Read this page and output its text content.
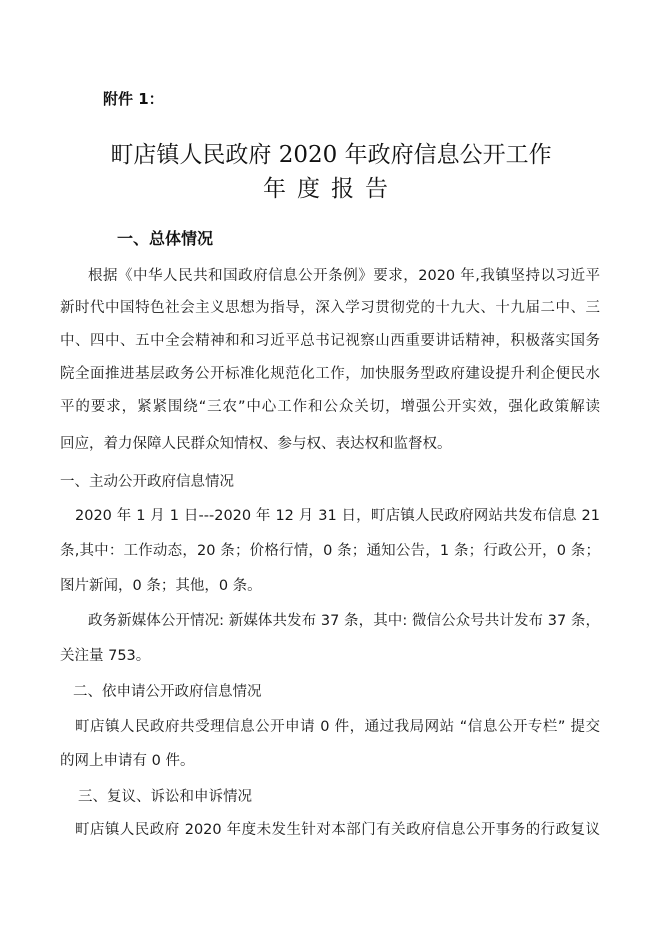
附件 1：
町店镇人民政府 2020 年政府信息公开工作
年度报告
一、总体情况
根据《中华人民共和国政府信息公开条例》要求，2020 年,我镇坚持以习近平
新时代中国特色社会主义思想为指导，深入学习贯彻党的十九大、十九届二中、三
中、四中、五中全会精神和和习近平总书记视察山西重要讲话精神，积极落实国务
院全面推进基层政务公开标准化规范化工作，加快服务型政府建设提升利企便民水
平的要求，紧紧围绕“三农”中心工作和公众关切，增强公开实效，强化政策解读
回应，着力保障人民群众知情权、参与权、表达权和监督权。
一、主动公开政府信息情况
2020 年 1 月 1 日---2020 年 12 月 31 日，町店镇人民政府网站共发布信息 21
条,其中：工作动态，20 条；价格行情，0 条；通知公告，1 条；行政公开，0 条；
图片新闻，0 条；其他，0 条。
政务新媒体公开情况: 新媒体共发布 37 条，其中: 微信公众号共计发布 37 条，
关注量 753。
二、依申请公开政府信息情况
町店镇人民政府共受理信息公开申请 0 件，通过我局网站 “信息公开专栏” 提交
的网上申请有 0 件。
三、复议、诉讼和申诉情况
町店镇人民政府 2020 年度未发生针对本部门有关政府信息公开事务的行政复议
